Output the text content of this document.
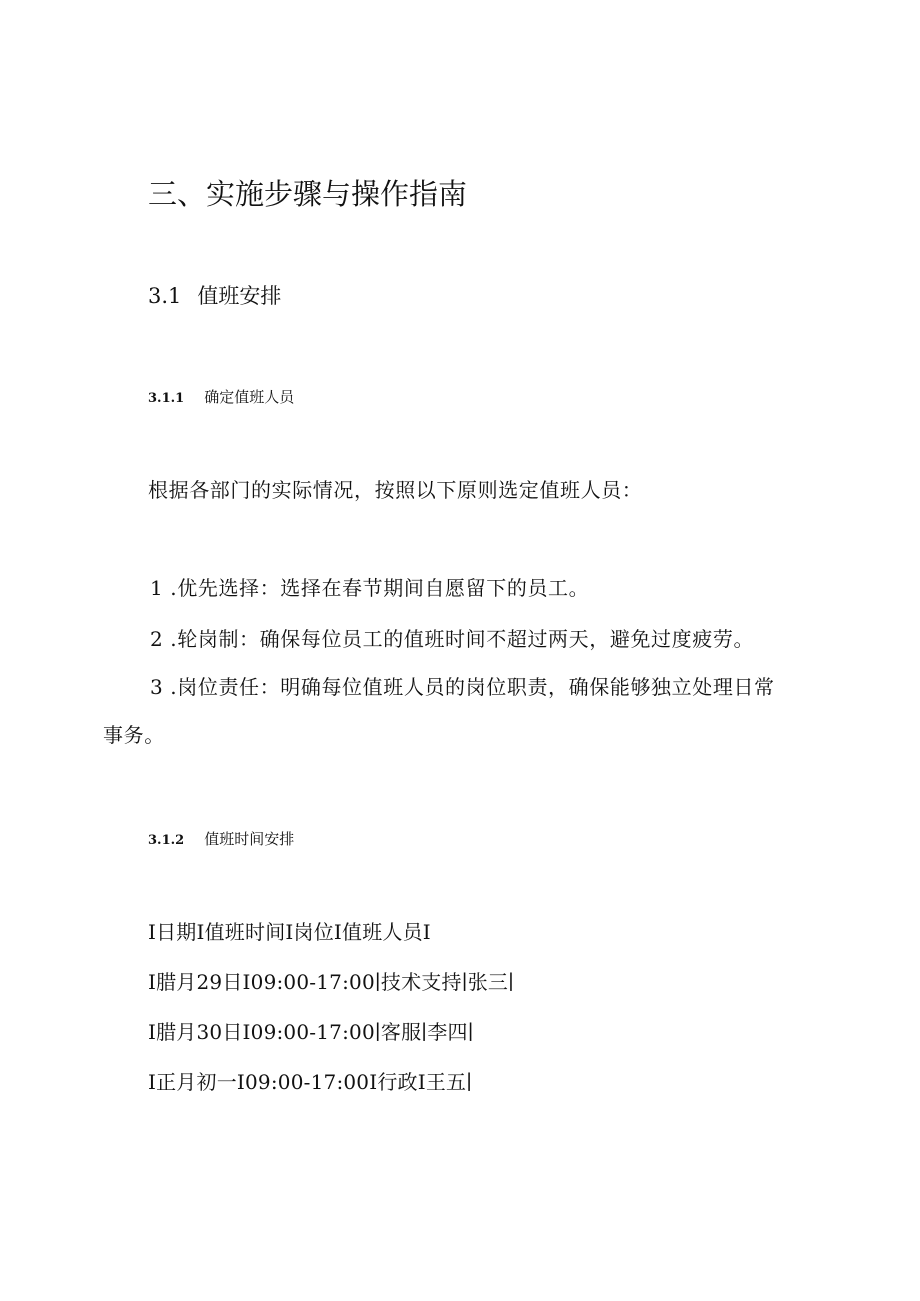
三、实施步骤与操作指南
3.1 值班安排
3.1.1 确定值班人员

根据各部门的实际情况，按照以下原则选定值班人员：

1 .优先选择：选择在春节期间自愿留下的员工。

2 .轮岗制：确保每位员工的值班时间不超过两天，避免过度疲劳。

3 .岗位责任：明确每位值班人员的岗位职责，确保能够独立处理日常

事务。

3.1.2 值班时间安排

I日期I值班时间I岗位I值班人员I

I腊月29日I09:00-17:00∣技术支持∣张三∣

I腊月30日I09:00-17:00∣客服∣李四∣

I正月初一I09:00-17:00I行政I王五∣
